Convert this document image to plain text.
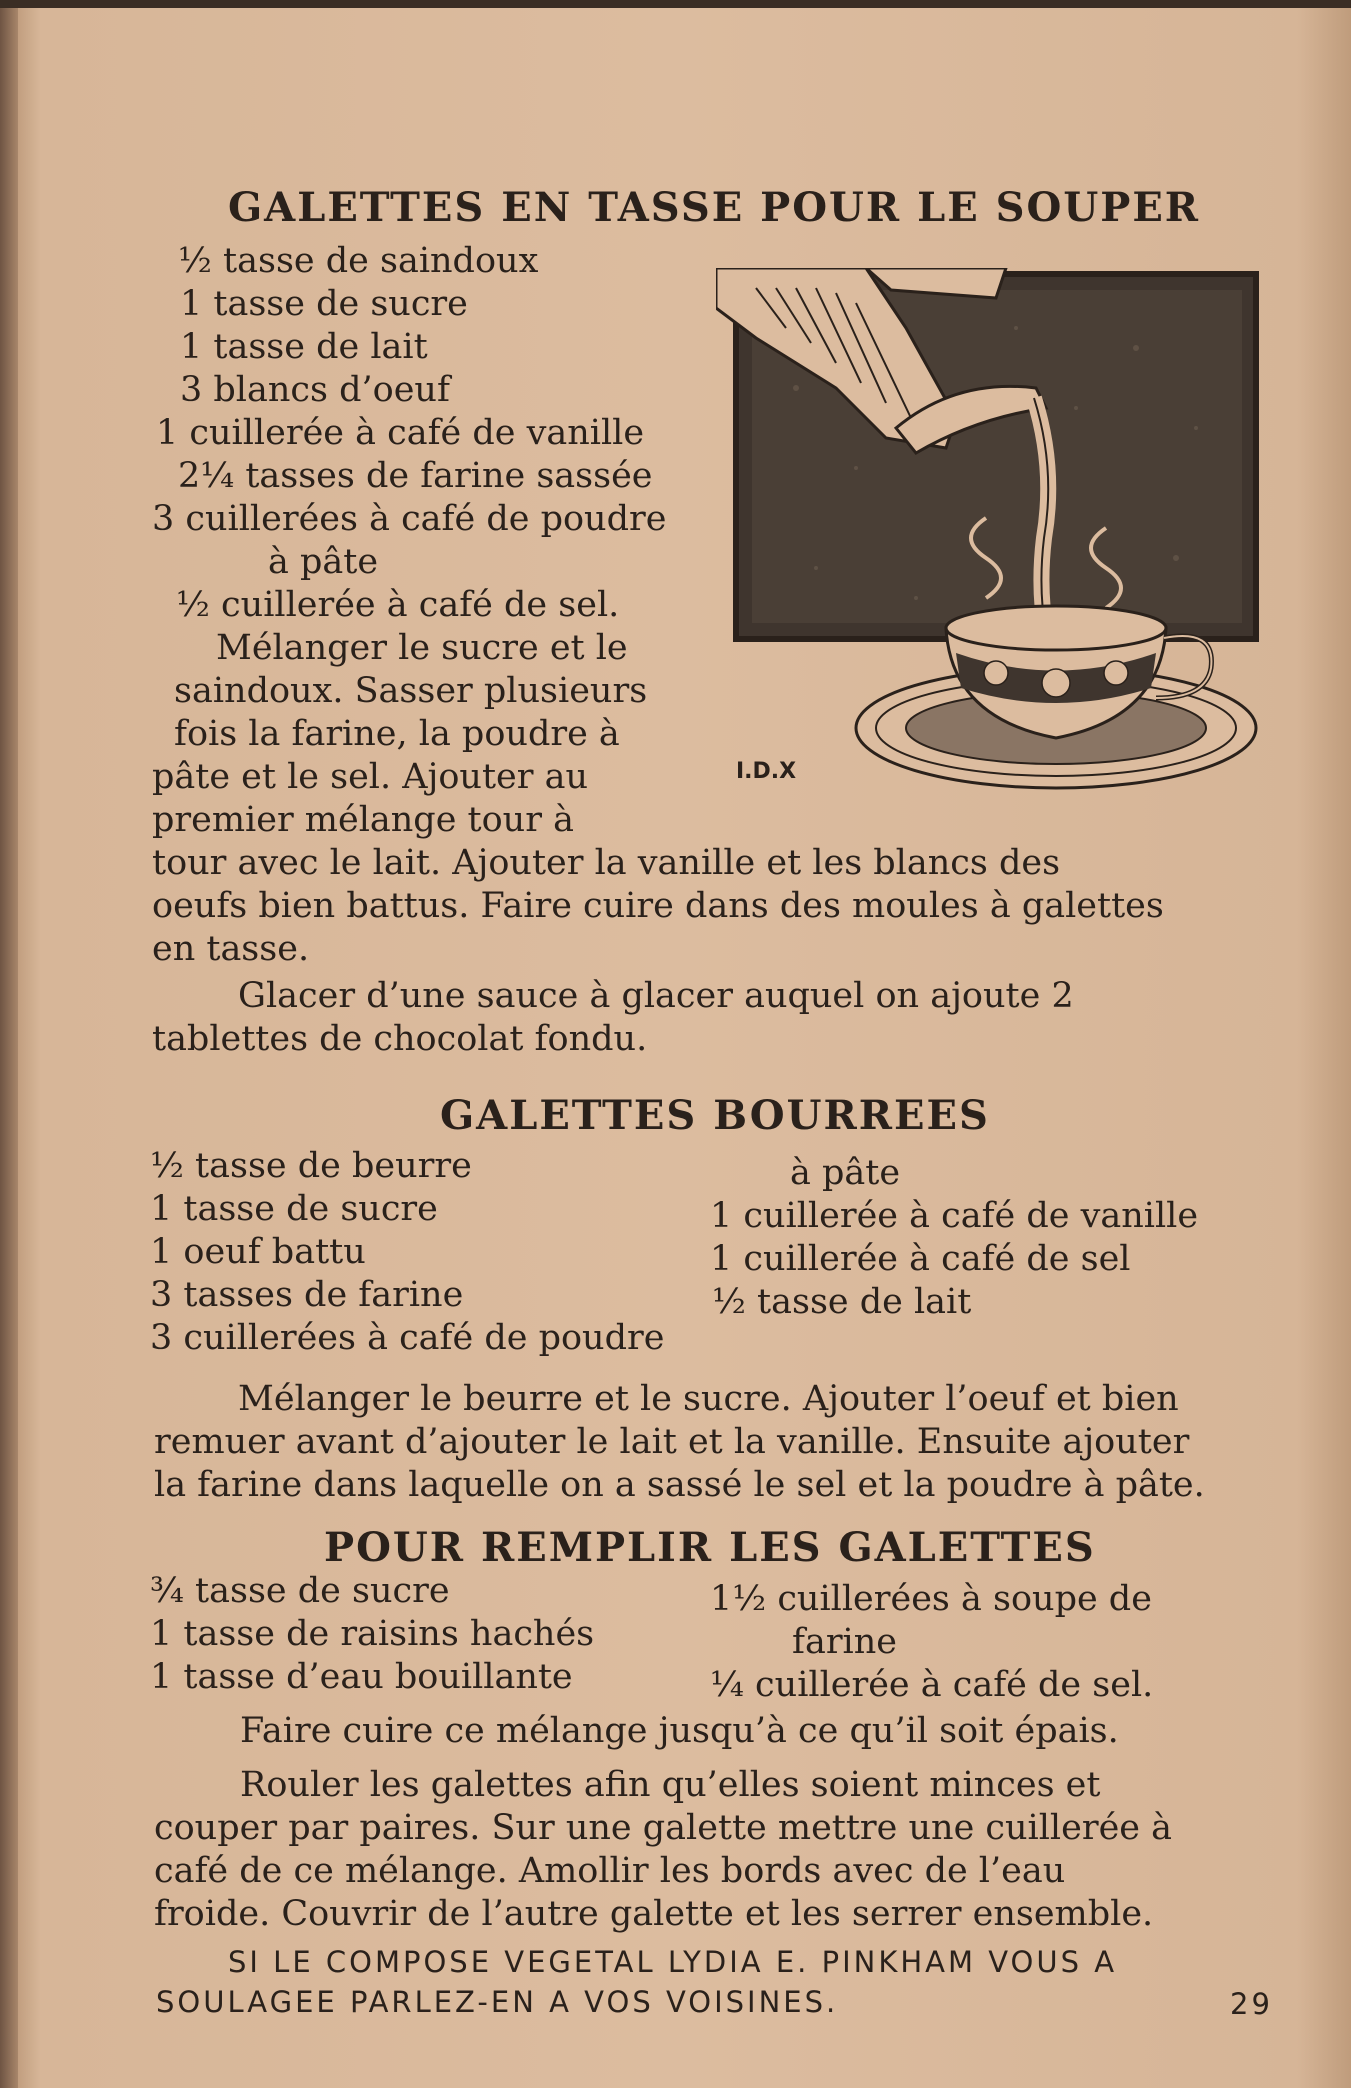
GALETTES EN TASSE POUR LE SOUPER

½ tasse de saindoux

1 tasse de sucre

1 tasse de lait

3 blancs d’oeuf

1 cuillerée à café de vanille

2¼ tasses de farine sassée

3 cuillerées à café de poudre

à pâte

½ cuillerée à café de sel.

Mélanger le sucre et le

saindoux. Sasser plusieurs

fois la farine, la poudre à

pâte et le sel. Ajouter au

premier mélange tour à

tour avec le lait. Ajouter la vanille et les blancs des

oeufs bien battus. Faire cuire dans des moules à galettes

en tasse.

Glacer d’une sauce à glacer auquel on ajoute 2

tablettes de chocolat fondu.

I.D.X
GALETTES BOURREES

½ tasse de beurre

1 tasse de sucre

1 oeuf battu

3 tasses de farine

3 cuillerées à café de poudre

à pâte

1 cuillerée à café de vanille

1 cuillerée à café de sel

½ tasse de lait

Mélanger le beurre et le sucre. Ajouter l’oeuf et bien

remuer avant d’ajouter le lait et la vanille. Ensuite ajouter

la farine dans laquelle on a sassé le sel et la poudre à pâte.

POUR REMPLIR LES GALETTES

¾ tasse de sucre

1 tasse de raisins hachés

1 tasse d’eau bouillante

1½ cuillerées à soupe de

farine

¼ cuillerée à café de sel.

Faire cuire ce mélange jusqu’à ce qu’il soit épais.

Rouler les galettes afin qu’elles soient minces et

couper par paires. Sur une galette mettre une cuillerée à

café de ce mélange. Amollir les bords avec de l’eau

froide. Couvrir de l’autre galette et les serrer ensemble.

SI LE COMPOSE VEGETAL LYDIA E. PINKHAM VOUS A

SOULAGEE PARLEZ-EN A VOS VOISINES.	29
